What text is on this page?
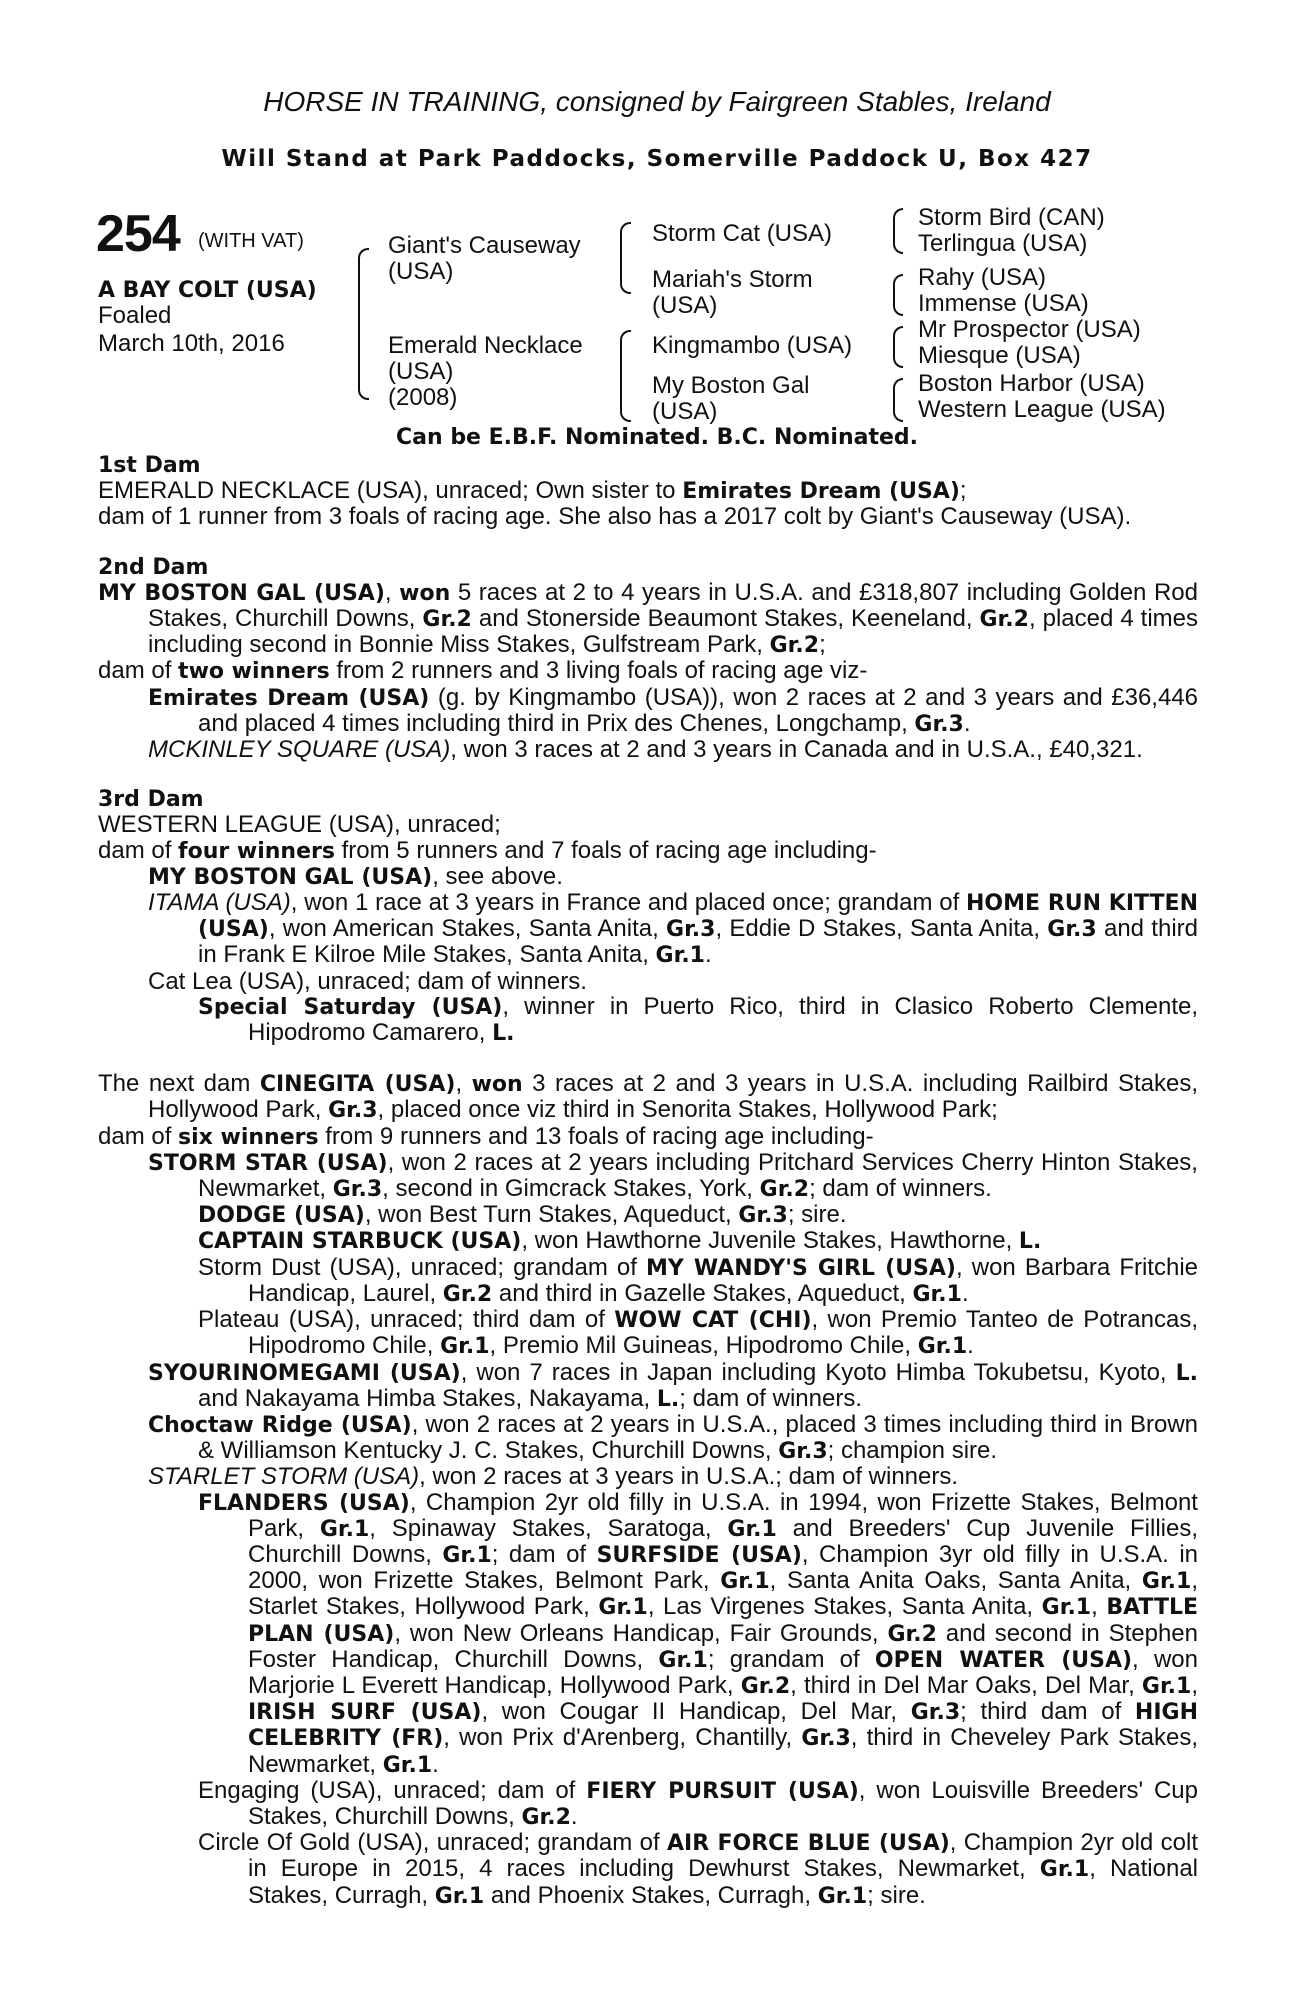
HORSE IN TRAINING, consigned by Fairgreen Stables, Ireland
Will Stand at Park Paddocks, Somerville Paddock U, Box 427
254 (WITH VAT)
A BAY COLT (USA)
Foaled
March 10th, 2016
Giant's Causeway
(USA)
Emerald Necklace
(USA)
(2008)
Storm Cat (USA)
Mariah's Storm
(USA)
Kingmambo (USA)
My Boston Gal
(USA)
Storm Bird (CAN)
Terlingua (USA)
Rahy (USA)
Immense (USA)
Mr Prospector (USA)
Miesque (USA)
Boston Harbor (USA)
Western League (USA)
Can be E.B.F. Nominated. B.C. Nominated.

1st Dam

EMERALD NECKLACE (USA), unraced; Own sister to Emirates Dream (USA);

dam of 1 runner from 3 foals of racing age. She also has a 2017 colt by Giant's Causeway (USA).

2nd Dam

MY BOSTON GAL (USA), won 5 races at 2 to 4 years in U.S.A. and £318,807 including Golden Rod Stakes, Churchill Downs, Gr.2 and Stonerside Beaumont Stakes, Keeneland, Gr.2, placed 4 times including second in Bonnie Miss Stakes, Gulfstream Park, Gr.2;

dam of two winners from 2 runners and 3 living foals of racing age viz-

Emirates Dream (USA) (g. by Kingmambo (USA)), won 2 races at 2 and 3 years and £36,446 and placed 4 times including third in Prix des Chenes, Longchamp, Gr.3.

MCKINLEY SQUARE (USA), won 3 races at 2 and 3 years in Canada and in U.S.A., £40,321.

3rd Dam

WESTERN LEAGUE (USA), unraced;

dam of four winners from 5 runners and 7 foals of racing age including-

MY BOSTON GAL (USA), see above.

ITAMA (USA), won 1 race at 3 years in France and placed once; grandam of HOME RUN KITTEN (USA), won American Stakes, Santa Anita, Gr.3, Eddie D Stakes, Santa Anita, Gr.3 and third in Frank E Kilroe Mile Stakes, Santa Anita, Gr.1.

Cat Lea (USA), unraced; dam of winners.

Special Saturday (USA), winner in Puerto Rico, third in Clasico Roberto Clemente, Hipodromo Camarero, L.

The next dam CINEGITA (USA), won 3 races at 2 and 3 years in U.S.A. including Railbird Stakes, Hollywood Park, Gr.3, placed once viz third in Senorita Stakes, Hollywood Park;

dam of six winners from 9 runners and 13 foals of racing age including-

STORM STAR (USA), won 2 races at 2 years including Pritchard Services Cherry Hinton Stakes, Newmarket, Gr.3, second in Gimcrack Stakes, York, Gr.2; dam of winners.

DODGE (USA), won Best Turn Stakes, Aqueduct, Gr.3; sire.

CAPTAIN STARBUCK (USA), won Hawthorne Juvenile Stakes, Hawthorne, L.

Storm Dust (USA), unraced; grandam of MY WANDY'S GIRL (USA), won Barbara Fritchie Handicap, Laurel, Gr.2 and third in Gazelle Stakes, Aqueduct, Gr.1.

Plateau (USA), unraced; third dam of WOW CAT (CHI), won Premio Tanteo de Potrancas, Hipodromo Chile, Gr.1, Premio Mil Guineas, Hipodromo Chile, Gr.1.

SYOURINOMEGAMI (USA), won 7 races in Japan including Kyoto Himba Tokubetsu, Kyoto, L. and Nakayama Himba Stakes, Nakayama, L.; dam of winners.

Choctaw Ridge (USA), won 2 races at 2 years in U.S.A., placed 3 times including third in Brown & Williamson Kentucky J. C. Stakes, Churchill Downs, Gr.3; champion sire.

STARLET STORM (USA), won 2 races at 3 years in U.S.A.; dam of winners.

FLANDERS (USA), Champion 2yr old filly in U.S.A. in 1994, won Frizette Stakes, Belmont Park, Gr.1, Spinaway Stakes, Saratoga, Gr.1 and Breeders' Cup Juvenile Fillies, Churchill Downs, Gr.1; dam of SURFSIDE (USA), Champion 3yr old filly in U.S.A. in 2000, won Frizette Stakes, Belmont Park, Gr.1, Santa Anita Oaks, Santa Anita, Gr.1, Starlet Stakes, Hollywood Park, Gr.1, Las Virgenes Stakes, Santa Anita, Gr.1, BATTLE PLAN (USA), won New Orleans Handicap, Fair Grounds, Gr.2 and second in Stephen Foster Handicap, Churchill Downs, Gr.1; grandam of OPEN WATER (USA), won Marjorie L Everett Handicap, Hollywood Park, Gr.2, third in Del Mar Oaks, Del Mar, Gr.1, IRISH SURF (USA), won Cougar II Handicap, Del Mar, Gr.3; third dam of HIGH CELEBRITY (FR), won Prix d'Arenberg, Chantilly, Gr.3, third in Cheveley Park Stakes, Newmarket, Gr.1.

Engaging (USA), unraced; dam of FIERY PURSUIT (USA), won Louisville Breeders' Cup Stakes, Churchill Downs, Gr.2.

Circle Of Gold (USA), unraced; grandam of AIR FORCE BLUE (USA), Champion 2yr old colt in Europe in 2015, 4 races including Dewhurst Stakes, Newmarket, Gr.1, National Stakes, Curragh, Gr.1 and Phoenix Stakes, Curragh, Gr.1; sire.
